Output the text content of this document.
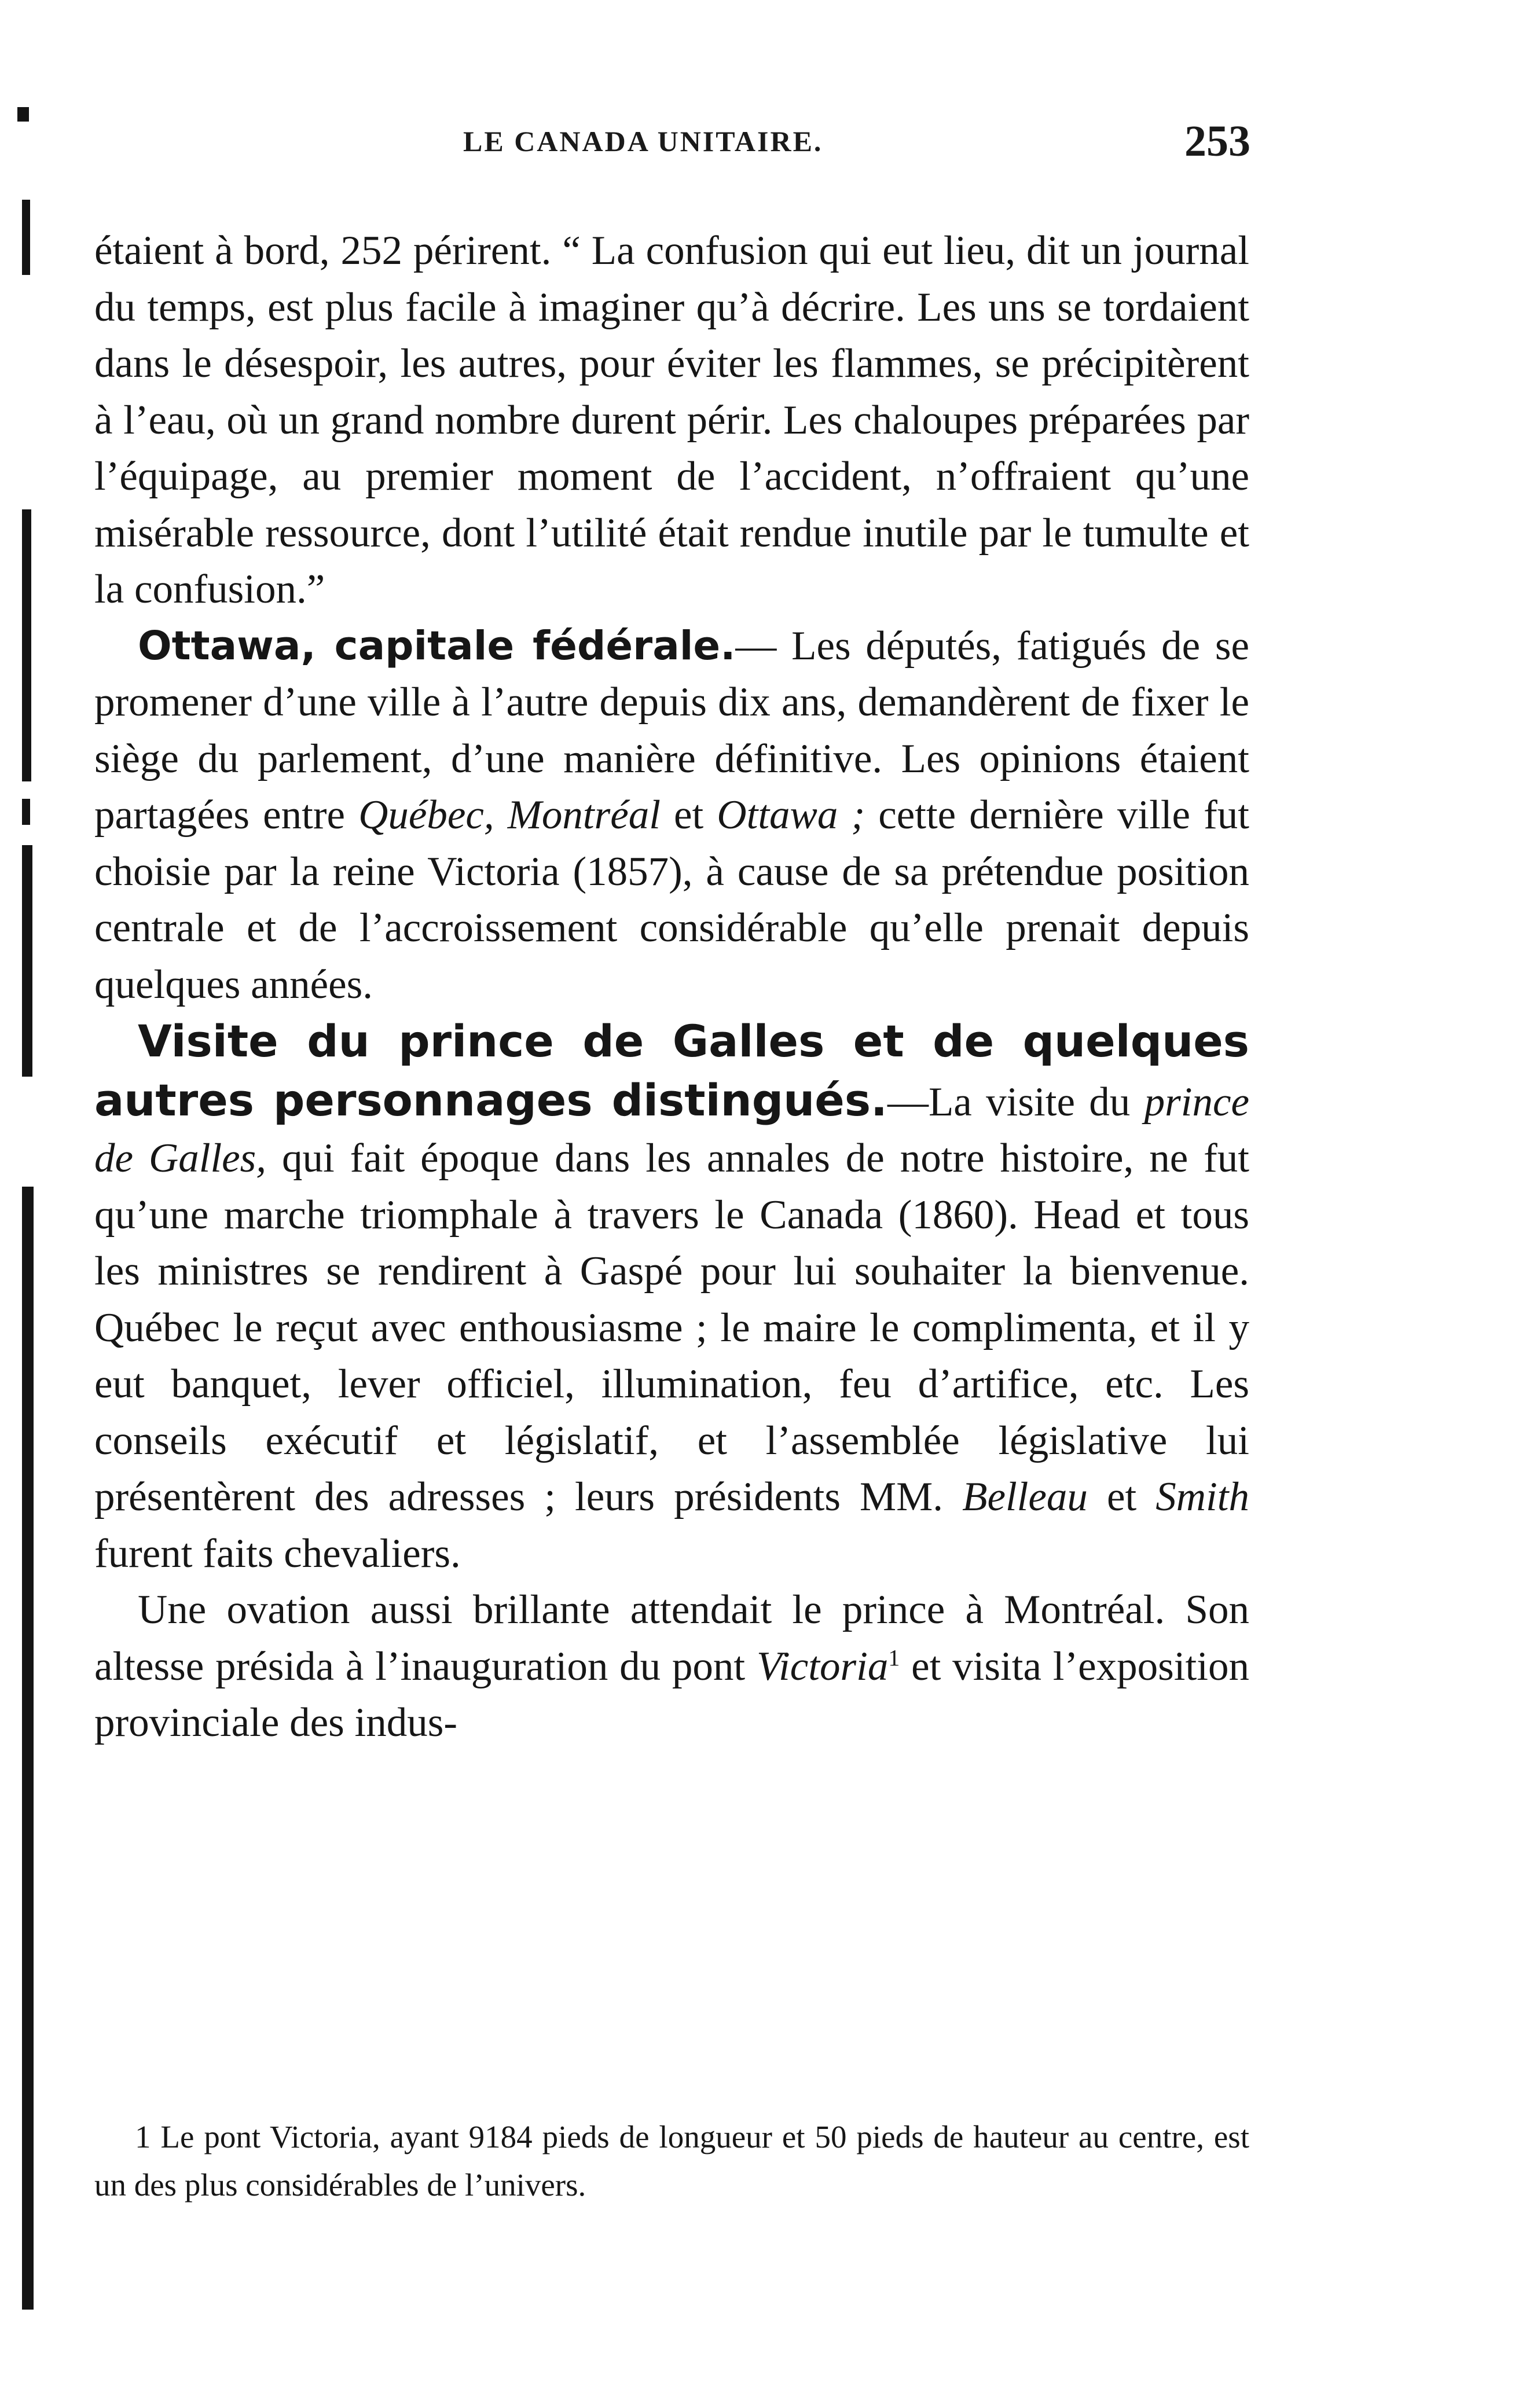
LE CANADA UNITAIRE.	253

étaient à bord, 252 périrent. “ La confusion qui eut lieu, dit un journal du temps, est plus facile à imaginer qu’à décrire. Les uns se tordaient dans le désespoir, les autres, pour éviter les flammes, se précipitèrent à l’eau, où un grand nombre durent périr. Les chaloupes préparées par l’équipage, au premier moment de l’accident, n’offraient qu’une misérable ressource, dont l’utilité était rendue inutile par le tumulte et la confusion.”

Ottawa, capitale fédérale.— Les députés, fatigués de se promener d’une ville à l’autre depuis dix ans, demandèrent de fixer le siège du parlement, d’une manière définitive. Les opinions étaient partagées entre Québec, Montréal et Ottawa ; cette dernière ville fut choisie par la reine Victoria (1857), à cause de sa prétendue position centrale et de l’accroissement considérable qu’elle prenait depuis quelques années.

Visite du prince de Galles et de quelques autres personnages distingués.—La visite du prince de Galles, qui fait époque dans les annales de notre histoire, ne fut qu’une marche triomphale à travers le Canada (1860). Head et tous les ministres se rendirent à Gaspé pour lui souhaiter la bienvenue. Québec le reçut avec enthousiasme ; le maire le complimenta, et il y eut banquet, lever officiel, illumination, feu d’artifice, etc. Les conseils exécutif et législatif, et l’assemblée législative lui présentèrent des adresses ; leurs présidents MM. Belleau et Smith furent faits chevaliers.

Une ovation aussi brillante attendait le prince à Montréal. Son altesse présida à l’inauguration du pont Victoria$^1$ et visita l’exposition provinciale des indus-

1 Le pont Victoria, ayant 9184 pieds de longueur et 50 pieds de hauteur au centre, est un des plus considérables de l’univers.
